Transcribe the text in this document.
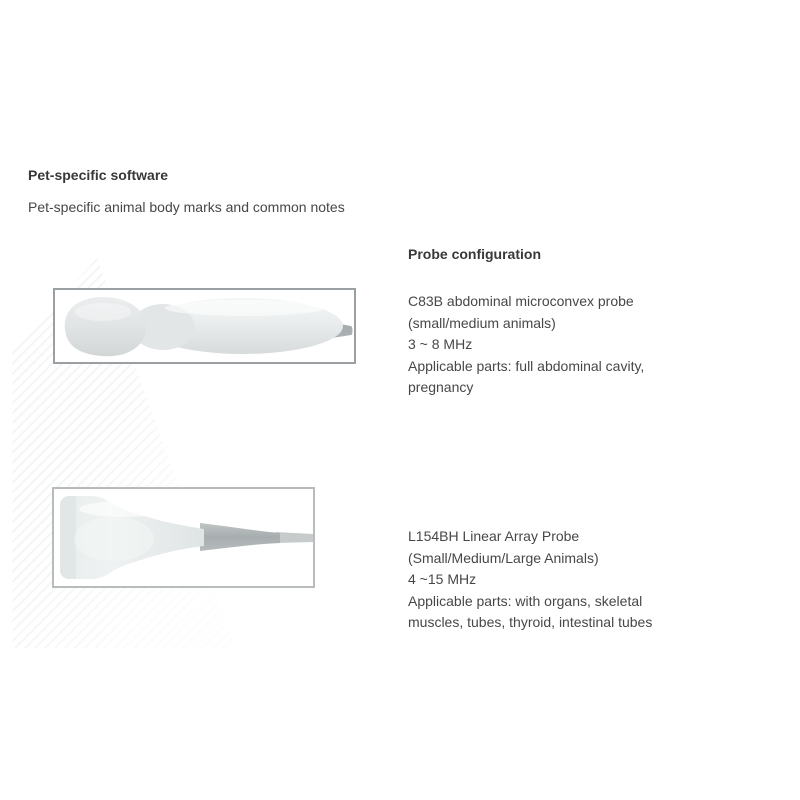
Pet-specific software
Pet-specific animal body marks and common notes
Probe configuration
C83B abdominal microconvex probe
(small/medium animals)
3 ~ 8 MHz
Applicable parts: full abdominal cavity,
pregnancy
L154BH Linear Array Probe
(Small/Medium/Large Animals)
4 ~15 MHz
Applicable parts: with organs, skeletal
muscles, tubes, thyroid, intestinal tubes
